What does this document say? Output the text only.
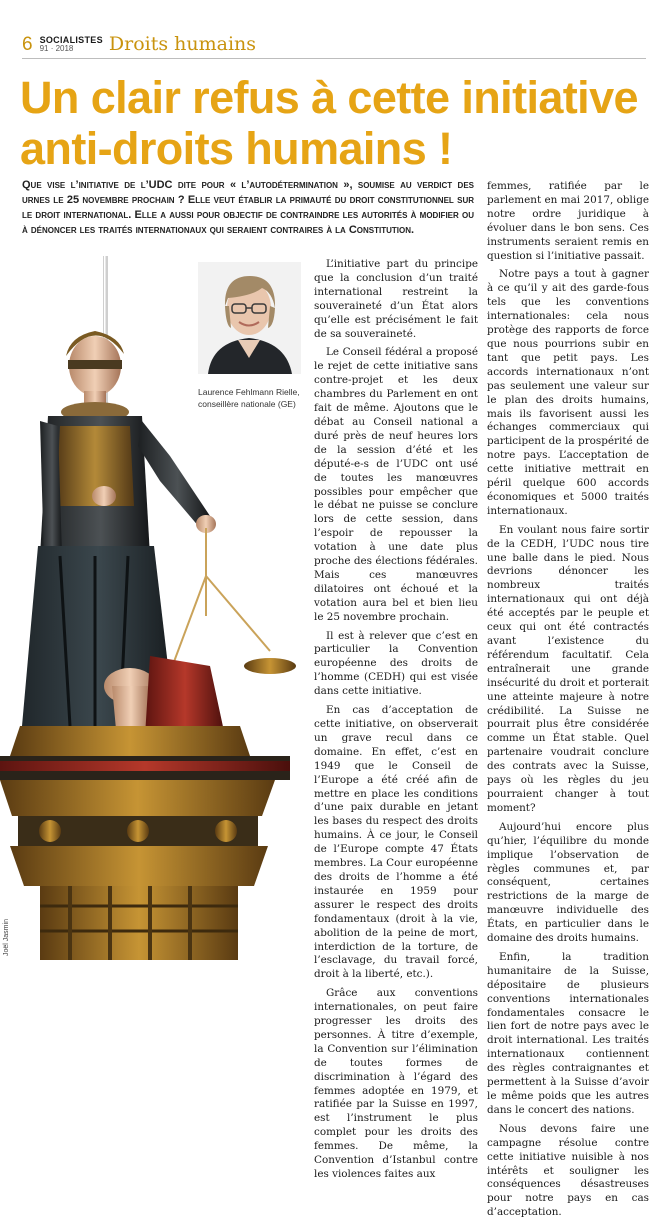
6 SOCIALISTES
91 · 2018	Droits humains
Un clair refus à cette initiative
anti-droits humains !

Que vise l’initiative de l’UDC dite pour « l’autodétermination », soumise au verdict des urnes le 25 novembre prochain ? Elle veut établir la primauté du droit constitutionnel sur le droit international. Elle a aussi pour objectif de contraindre les autorités à modifier ou à dénoncer les traités internationaux qui seraient contraires à la Constitution.

Joël Jasmin

Laurence Fehlmann Rielle,
conseillère nationale (GE)

L’initiative part du principe que la conclusion d’un traité international restreint la souveraineté d’un État alors qu’elle est précisément le fait de sa souveraineté.

Le Conseil fédéral a proposé le rejet de cette initiative sans contre-projet et les deux chambres du Parlement en ont fait de même. Ajoutons que le débat au Conseil national a duré près de neuf heures lors de la session d’été et les député-e-s de l’UDC ont usé de toutes les manœuvres possibles pour empêcher que le débat ne puisse se conclure lors de cette session, dans l’espoir de repousser la votation à une date plus proche des élections fédérales. Mais ces manœuvres dilatoires ont échoué et la votation aura bel et bien lieu le 25 novembre prochain.

Il est à relever que c’est en particulier la Convention européenne des droits de l’homme (CEDH) qui est visée dans cette initiative.

En cas d’acceptation de cette initiative, on observerait un grave recul dans ce domaine. En effet, c’est en 1949 que le Conseil de l’Europe a été créé afin de mettre en place les conditions d’une paix durable en jetant les bases du respect des droits humains. À ce jour, le Conseil de l’Europe compte 47 États membres. La Cour européenne des droits de l’homme a été instaurée en 1959 pour assurer le respect des droits fondamentaux (droit à la vie, abolition de la peine de mort, interdiction de la torture, de l’esclavage, du travail forcé, droit à la liberté, etc.).

Grâce aux conventions internationales, on peut faire progresser les droits des personnes. À titre d’exemple, la Convention sur l’élimination de toutes formes de discrimination à l’égard des femmes adoptée en 1979, et ratifiée par la Suisse en 1997, est l’instrument le plus complet pour les droits des femmes. De même, la Convention d’Istanbul contre les violences faites aux

femmes, ratifiée par le parlement en mai 2017, oblige notre ordre juridique à évoluer dans le bon sens. Ces instruments seraient remis en question si l’initiative passait.

Notre pays a tout à gagner à ce qu’il y ait des garde-fous tels que les conventions internationales: cela nous protège des rapports de force que nous pourrions subir en tant que petit pays. Les accords internationaux n’ont pas seulement une valeur sur le plan des droits humains, mais ils favorisent aussi les échanges commerciaux qui participent de la prospérité de notre pays. L’acceptation de cette initiative mettrait en péril quelque 600 accords économiques et 5000 traités internationaux.

En voulant nous faire sortir de la CEDH, l’UDC nous tire une balle dans le pied. Nous devrions dénoncer les nombreux traités internationaux qui ont déjà été acceptés par le peuple et ceux qui ont été contractés avant l’existence du référendum facultatif. Cela entraînerait une grande insécurité du droit et porterait une atteinte majeure à notre crédibilité. La Suisse ne pourrait plus être considérée comme un État stable. Quel partenaire voudrait conclure des contrats avec la Suisse, pays où les règles du jeu pourraient changer à tout moment?

Aujourd’hui encore plus qu’hier, l’équilibre du monde implique l’observation de règles communes et, par conséquent, certaines restrictions de la marge de manœuvre individuelle des États, en particulier dans le domaine des droits humains.

Enfin, la tradition humanitaire de la Suisse, dépositaire de plusieurs conventions internationales fondamentales consacre le lien fort de notre pays avec le droit international. Les traités internationaux contiennent des règles contraignantes et permettent à la Suisse d’avoir le même poids que les autres dans le concert des nations.

Nous devons faire une campagne résolue contre cette initiative nuisible à nos intérêts et souligner les conséquences désastreuses pour notre pays en cas d’acceptation.
